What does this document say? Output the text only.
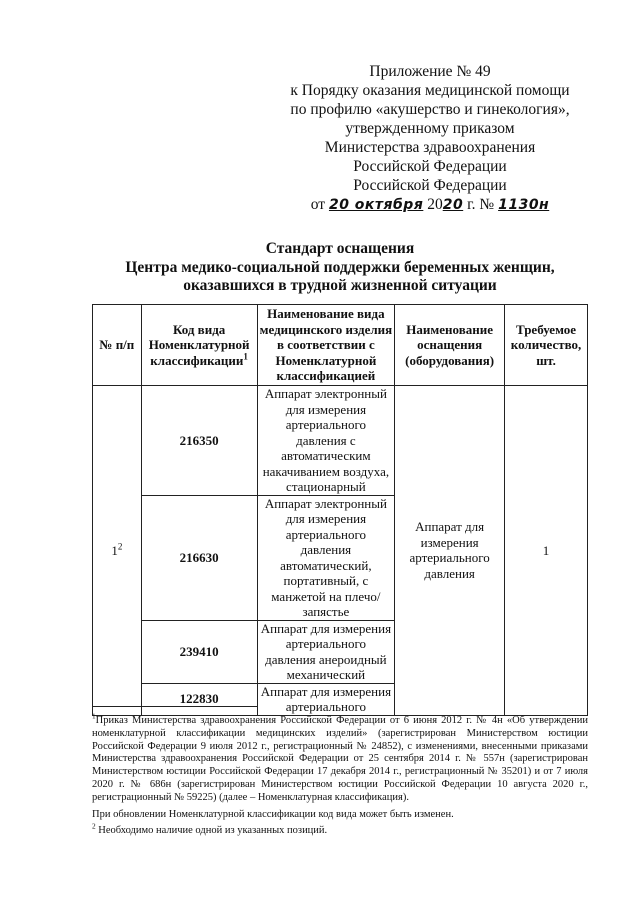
Приложение № 49
к Порядку оказания медицинской помощи
по профилю «акушерство и гинекология»,
утвержденному приказом
Министерства здравоохранения
Российской Федерации
Российской Федерации
от 20 октября 2020 г. № 1130н
Стандарт оснащения
Центра медико-социальной поддержки беременных женщин,
оказавшихся в трудной жизненной ситуации
№ п/п	Код вида Номенклатурной классификации$^1$	Наименование вида медицинского изделия в соответствии с Номенклатурной классификацией	Наименование оснащения (оборудования)	Требуемое количество, шт.
$1^2$	216350	Аппарат электронный для измерения артериального давления с автоматическим накачиванием воздуха, стационарный	Аппарат для измерения артериального давления	1
	216630	Аппарат электронный для измерения артериального давления автоматический, портативный, с манжетой на плечо/запястье		
	239410	Аппарат для измерения артериального давления анероидный механический		
	122830	Аппарат для измерения артериального		

$^1$Приказ Министерства здравоохранения Российской Федерации от 6 июня 2012 г. № 4н «Об утверждении номенклатурной классификации медицинских изделий» (зарегистрирован Министерством юстиции Российской Федерации 9 июля 2012 г., регистрационный № 24852), с изменениями, внесенными приказами Министерства здравоохранения Российской Федерации от 25 сентября 2014 г. № 557н (зарегистрирован Министерством юстиции Российской Федерации 17 декабря 2014 г., регистрационный № 35201) и от 7 июля 2020 г. № 686н (зарегистрирован Министерством юстиции Российской Федерации 10 августа 2020 г., регистрационный № 59225) (далее – Номенклатурная классификация).

При обновлении Номенклатурной классификации код вида может быть изменен.

$^2$ Необходимо наличие одной из указанных позиций.
